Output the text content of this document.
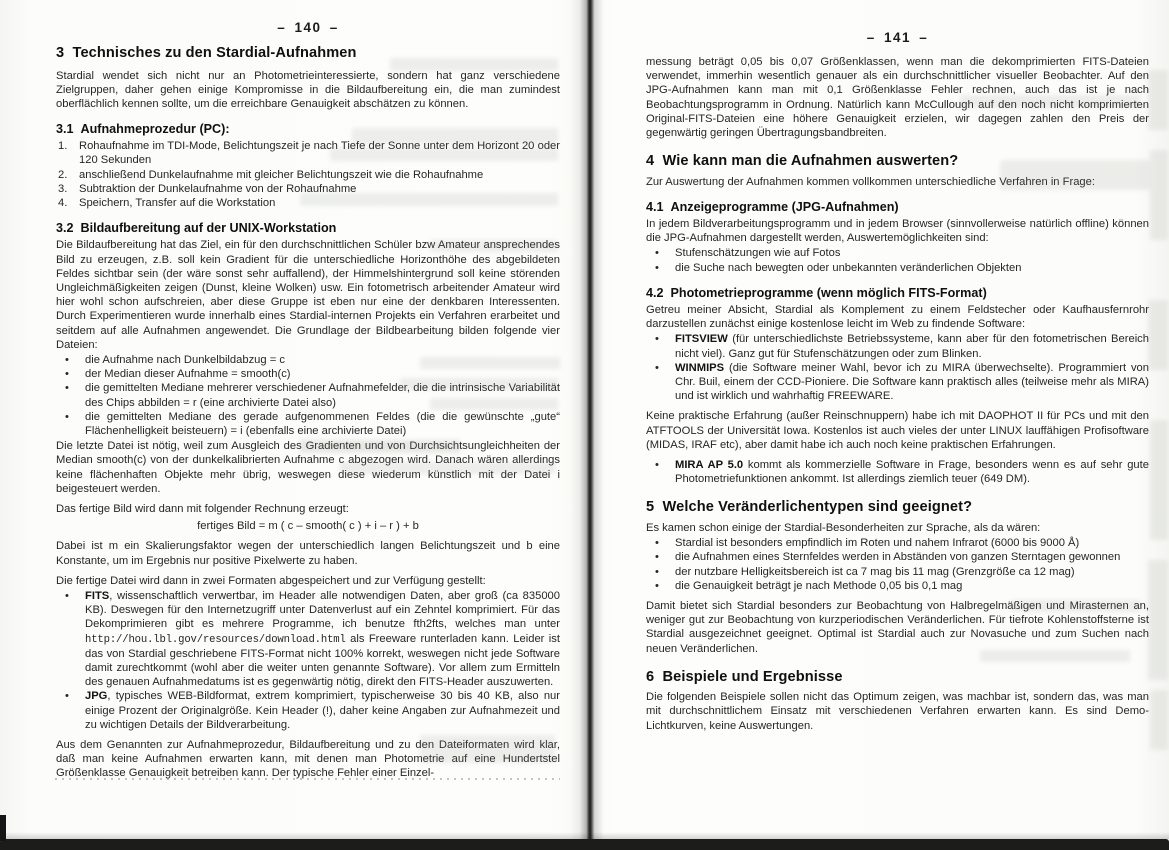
– 140 –
3  Technisches zu den Stardial-Aufnahmen

Stardial wendet sich nicht nur an Photometrieinteressierte, sondern hat ganz verschiedene Zielgruppen, daher gehen einige Kompromisse in die Bildaufbereitung ein, die man zumindest oberflächlich kennen sollte, um die erreichbare Genauigkeit abschätzen zu können.

3.1  Aufnahmeprozedur (PC):
Rohaufnahme im TDI-Mode, Belichtungszeit je nach Tiefe der Sonne unter dem Horizont 20 oder 120 Sekunden
anschließend Dunkelaufnahme mit gleicher Belichtungszeit wie die Rohaufnahme
Subtraktion der Dunkelaufnahme von der Rohaufnahme
Speichern, Transfer auf die Workstation
3.2  Bildaufbereitung auf der UNIX-Workstation

Die Bildaufbereitung hat das Ziel, ein für den durchschnittlichen Schüler bzw Amateur ansprechendes Bild zu erzeugen, z.B. soll kein Gradient für die unterschiedliche Horizonthöhe des abgebildeten Feldes sichtbar sein (der wäre sonst sehr auffallend), der Himmelshintergrund soll keine störenden Ungleichmäßigkeiten zeigen (Dunst, kleine Wolken) usw. Ein fotometrisch arbeitender Amateur wird hier wohl schon aufschreien, aber diese Gruppe ist eben nur eine der denkbaren Interessenten. Durch Experimentieren wurde innerhalb eines Stardial-internen Projekts ein Verfahren erarbeitet und seitdem auf alle Aufnahmen angewendet. Die Grundlage der Bildbearbeitung bilden folgende vier Dateien:

• die Aufnahme nach Dunkelbildabzug = c
• der Median dieser Aufnahme = smooth(c)
• die gemittelten Mediane mehrerer verschiedener Aufnahmefelder, die die intrinsische Variabilität des Chips abbilden = r (eine archivierte Datei also)
• die gemittelten Mediane des gerade aufgenommenen Feldes (die die gewünschte „gute“ Flächenhelligkeit beisteuern) = i (ebenfalls eine archivierte Datei)

Die letzte Datei ist nötig, weil zum Ausgleich des Gradienten und von Durchsichtsungleichheiten der Median smooth(c) von der dunkelkalibrierten Aufnahme c abgezogen wird. Danach wären allerdings keine flächenhaften Objekte mehr übrig, weswegen diese wiederum künstlich mit der Datei i beigesteuert werden.

Das fertige Bild wird dann mit folgender Rechnung erzeugt:

fertiges Bild = m ( c – smooth( c ) + i – r ) + b

Dabei ist m ein Skalierungsfaktor wegen der unterschiedlich langen Belichtungszeit und b eine Konstante, um im Ergebnis nur positive Pixelwerte zu haben.

Die fertige Datei wird dann in zwei Formaten abgespeichert und zur Verfügung gestellt:

• FITS, wissenschaftlich verwertbar, im Header alle notwendigen Daten, aber groß (ca 835000 KB). Deswegen für den Internetzugriff unter Datenverlust auf ein Zehntel komprimiert. Für das Dekomprimieren gibt es mehrere Programme, ich benutze fth2fts, welches man unter http://hou.lbl.gov/resources/download.html als Freeware runterladen kann. Leider ist das von Stardial geschriebene FITS-Format nicht 100% korrekt, weswegen nicht jede Software damit zurechtkommt (wohl aber die weiter unten genannte Software). Vor allem zum Ermitteln des genauen Aufnahmedatums ist es gegenwärtig nötig, direkt den FITS-Header auszuwerten.
• JPG, typisches WEB-Bildformat, extrem komprimiert, typischerweise 30 bis 40 KB, also nur einige Prozent der Originalgröße. Kein Header (!), daher keine Angaben zur Aufnahmezeit und zu wichtigen Details der Bildverarbeitung.

Aus dem Genannten zur Aufnahmeprozedur, Bildaufbereitung und zu den Dateiformaten wird klar, daß man keine Aufnahmen erwarten kann, mit denen man Photometrie auf eine Hundertstel Größenklasse Genauigkeit betreiben kann. Der typische Fehler einer Einzel-

– 141 –

messung beträgt 0,05 bis 0,07 Größenklassen, wenn man die dekomprimierten FITS-Dateien verwendet, immerhin wesentlich genauer als ein durchschnittlicher visueller Beobachter. Auf den JPG-Aufnahmen kann man mit 0,1 Größenklasse Fehler rechnen, auch das ist je nach Beobachtungsprogramm in Ordnung. Natürlich kann McCullough auf den noch nicht komprimierten Original-FITS-Dateien eine höhere Genauigkeit erzielen, wir dagegen zahlen den Preis der gegenwärtig geringen Übertragungsbandbreiten.

4  Wie kann man die Aufnahmen auswerten?

Zur Auswertung der Aufnahmen kommen vollkommen unterschiedliche Verfahren in Frage:

4.1  Anzeigeprogramme (JPG-Aufnahmen)

In jedem Bildverarbeitungsprogramm und in jedem Browser (sinnvollerweise natürlich offline) können die JPG-Aufnahmen dargestellt werden, Auswertemöglichkeiten sind:

• Stufenschätzungen wie auf Fotos
• die Suche nach bewegten oder unbekannten veränderlichen Objekten
4.2  Photometrieprogramme (wenn möglich FITS-Format)

Getreu meiner Absicht, Stardial als Komplement zu einem Feldstecher oder Kaufhausfernrohr darzustellen zunächst einige kostenlose leicht im Web zu findende Software:

• FITSVIEW (für unterschiedlichste Betriebssysteme, kann aber für den fotometrischen Bereich nicht viel). Ganz gut für Stufenschätzungen oder zum Blinken.
• WINMIPS (die Software meiner Wahl, bevor ich zu MIRA überwechselte). Programmiert von Chr. Buil, einem der CCD-Pioniere. Die Software kann praktisch alles (teilweise mehr als MIRA) und ist wirklich und wahrhaftig FREEWARE.

Keine praktische Erfahrung (außer Reinschnuppern) habe ich mit DAOPHOT II für PCs und mit den ATFTOOLS der Universität Iowa. Kostenlos ist auch vieles der unter LINUX lauffähigen Profisoftware (MIDAS, IRAF etc), aber damit habe ich auch noch keine praktischen Erfahrungen.

• MIRA AP 5.0 kommt als kommerzielle Software in Frage, besonders wenn es auf sehr gute Photometriefunktionen ankommt. Ist allerdings ziemlich teuer (649 DM).
5  Welche Veränderlichentypen sind geeignet?

Es kamen schon einige der Stardial-Besonderheiten zur Sprache, als da wären:

• Stardial ist besonders empfindlich im Roten und nahem Infrarot (6000 bis 9000 Å)
• die Aufnahmen eines Sternfeldes werden in Abständen von ganzen Sterntagen gewonnen
• der nutzbare Helligkeitsbereich ist ca 7 mag bis 11 mag (Grenzgröße ca 12 mag)
• die Genauigkeit beträgt je nach Methode 0,05 bis 0,1 mag

Damit bietet sich Stardial besonders zur Beobachtung von Halbregelmäßigen und Mirasternen an, weniger gut zur Beobachtung von kurzperiodischen Veränderlichen. Für tiefrote Kohlenstoffsterne ist Stardial ausgezeichnet geeignet. Optimal ist Stardial auch zur Novasuche und zum Suchen nach neuen Veränderlichen.

6  Beispiele und Ergebnisse

Die folgenden Beispiele sollen nicht das Optimum zeigen, was machbar ist, sondern das, was man mit durchschnittlichem Einsatz mit verschiedenen Verfahren erwarten kann. Es sind Demo-Lichtkurven, keine Auswertungen.
